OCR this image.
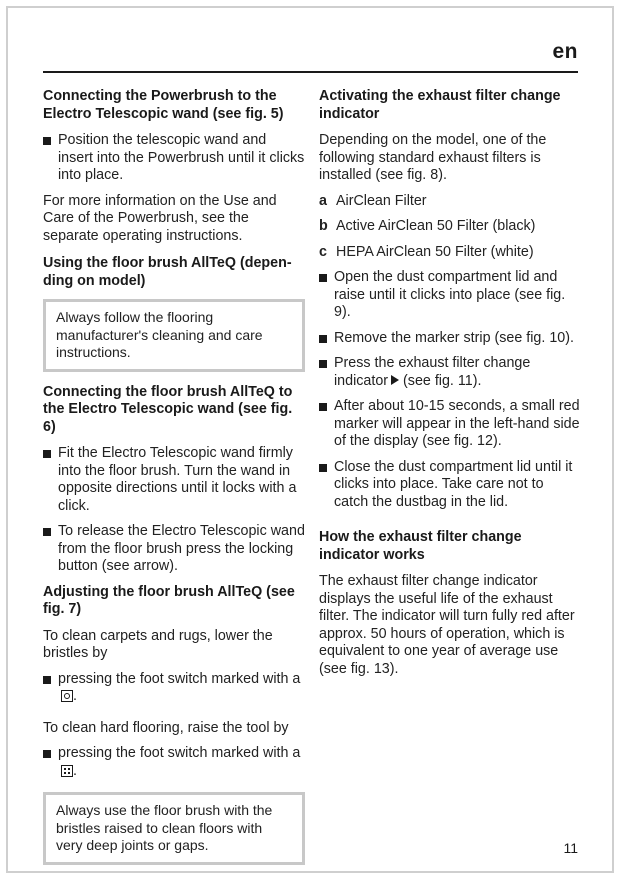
en
Connecting the Powerbrush to the Electro Telescopic wand (see fig. 5)
Position the telescopic wand and insert into the Powerbrush until it clicks into place.

For more information on the Use and Care of the Powerbrush, see the separate operating instructions.

Using the floor brush AllTeQ (depen-ding on model)
Always follow the flooring manufacturer's cleaning and care instructions.
Connecting the floor brush AllTeQ to the Electro Telescopic wand (see fig. 6)
Fit the Electro Telescopic wand firmly into the floor brush. Turn the wand in opposite directions until it locks with a click.
To release the Electro Telescopic wand from the floor brush press the locking button (see arrow).
Adjusting the floor brush AllTeQ (see fig. 7)

To clean carpets and rugs, lower the bristles by

pressing the foot switch marked with a.

To clean hard flooring, raise the tool by

pressing the foot switch marked with a.
Always use the floor brush with the bristles raised to clean floors with very deep joints or gaps.
Activating the exhaust filter change indicator

Depending on the model, one of the following standard exhaust filters is installed (see fig. 8).

a AirClean Filter
b Active AirClean 50 Filter (black)
c HEPA AirClean 50 Filter (white)
Open the dust compartment lid and raise until it clicks into place (see fig. 9).
Remove the marker strip (see fig. 10).
Press the exhaust filter change indicator (see fig. 11).
After about 10-15 seconds, a small red marker will appear in the left-hand side of the display (see fig. 12).
Close the dust compartment lid until it clicks into place. Take care not to catch the dustbag in the lid.
How the exhaust filter change indicator works

The exhaust filter change indicator displays the useful life of the exhaust filter. The indicator will turn fully red after approx. 50 hours of operation, which is equivalent to one year of average use (see fig. 13).

11
